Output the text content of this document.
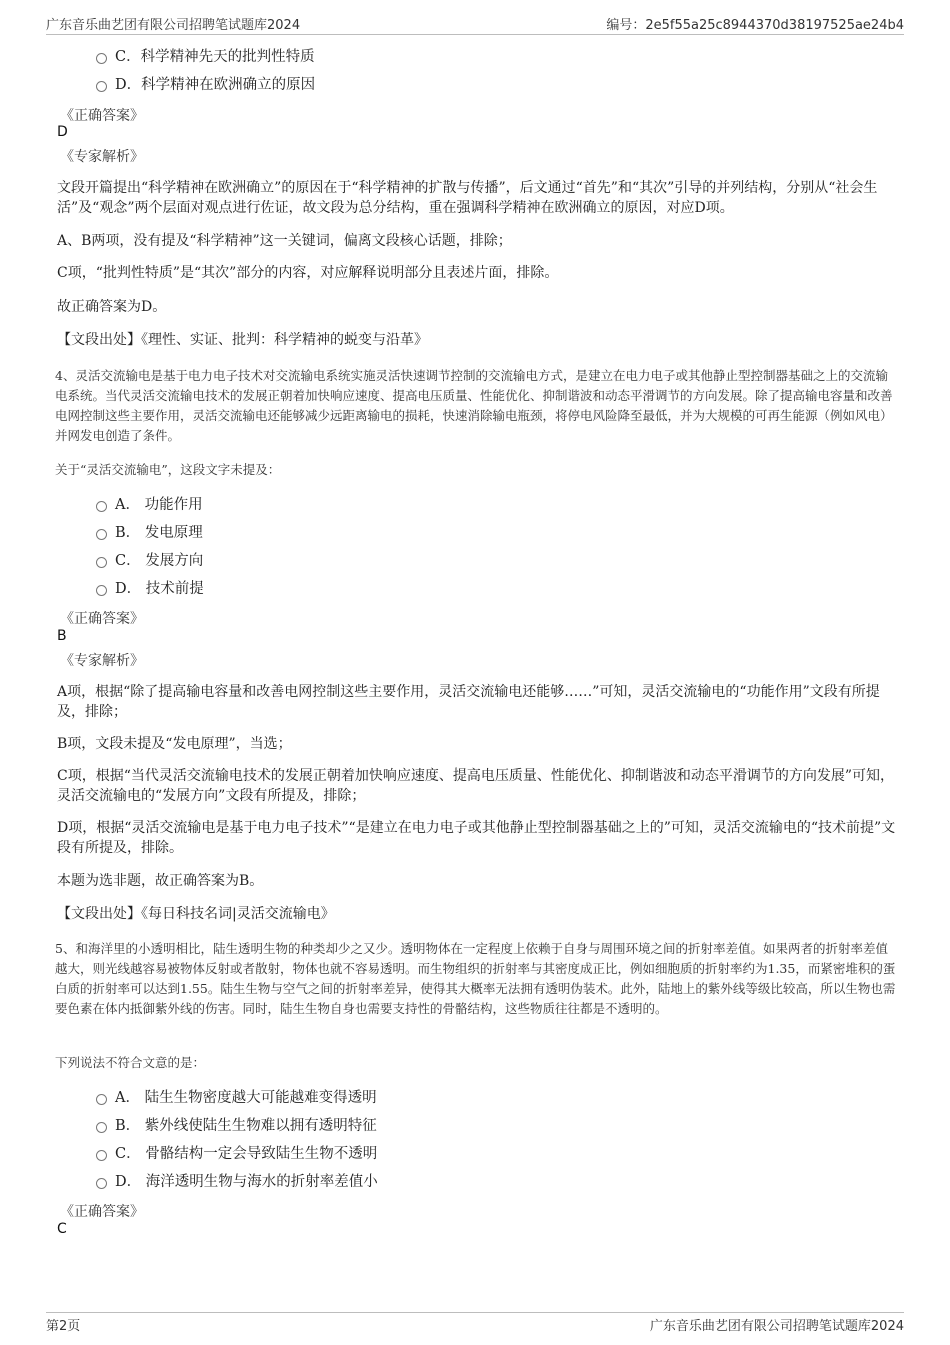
广东音乐曲艺团有限公司招聘笔试题库2024	编号：2e5f55a25c8944370d38197525ae24b4
C．科学精神先天的批判性特质
D．科学精神在欧洲确立的原因
《正确答案》
D
《专家解析》
文段开篇提出“科学精神在欧洲确立”的原因在于“科学精神的扩散与传播”，后文通过“首先”和“其次”引导的并列结构，分别从“社会生活”及“观念”两个层面对观点进行佐证，故文段为总分结构，重在强调科学精神在欧洲确立的原因，对应D项。
A、B两项，没有提及“科学精神”这一关键词，偏离文段核心话题，排除；
C项，“批判性特质”是“其次”部分的内容，对应解释说明部分且表述片面，排除。
故正确答案为D。
【文段出处】《理性、实证、批判：科学精神的蜕变与沿革》
4、灵活交流输电是基于电力电子技术对交流输电系统实施灵活快速调节控制的交流输电方式，是建立在电力电子或其他静止型控制器基础之上的交流输电系统。当代灵活交流输电技术的发展正朝着加快响应速度、提高电压质量、性能优化、抑制谐波和动态平滑调节的方向发展。除了提高输电容量和改善电网控制这些主要作用，灵活交流输电还能够减少远距离输电的损耗，快速消除输电瓶颈，将停电风险降至最低，并为大规模的可再生能源（例如风电）并网发电创造了条件。
关于“灵活交流输电”，这段文字未提及：
A． 功能作用
B． 发电原理
C． 发展方向
D． 技术前提
《正确答案》
B
《专家解析》
A项，根据“除了提高输电容量和改善电网控制这些主要作用，灵活交流输电还能够……”可知，灵活交流输电的“功能作用”文段有所提及，排除；
B项，文段未提及“发电原理”，当选；
C项，根据“当代灵活交流输电技术的发展正朝着加快响应速度、提高电压质量、性能优化、抑制谐波和动态平滑调节的方向发展”可知，灵活交流输电的“发展方向”文段有所提及，排除；
D项，根据“灵活交流输电是基于电力电子技术”“是建立在电力电子或其他静止型控制器基础之上的”可知，灵活交流输电的“技术前提”文段有所提及，排除。
本题为选非题，故正确答案为B。
【文段出处】《每日科技名词|灵活交流输电》
5、和海洋里的小透明相比，陆生透明生物的种类却少之又少。透明物体在一定程度上依赖于自身与周围环境之间的折射率差值。如果两者的折射率差值越大，则光线越容易被物体反射或者散射，物体也就不容易透明。而生物组织的折射率与其密度成正比，例如细胞质的折射率约为1.35，而紧密堆积的蛋白质的折射率可以达到1.55。陆生生物与空气之间的折射率差异，使得其大概率无法拥有透明伪装术。此外，陆地上的紫外线等级比较高，所以生物也需要色素在体内抵御紫外线的伤害。同时，陆生生物自身也需要支持性的骨骼结构，这些物质往往都是不透明的。
下列说法不符合文意的是：
A． 陆生生物密度越大可能越难变得透明
B． 紫外线使陆生生物难以拥有透明特征
C． 骨骼结构一定会导致陆生生物不透明
D． 海洋透明生物与海水的折射率差值小
《正确答案》
C
第2页	广东音乐曲艺团有限公司招聘笔试题库2024
